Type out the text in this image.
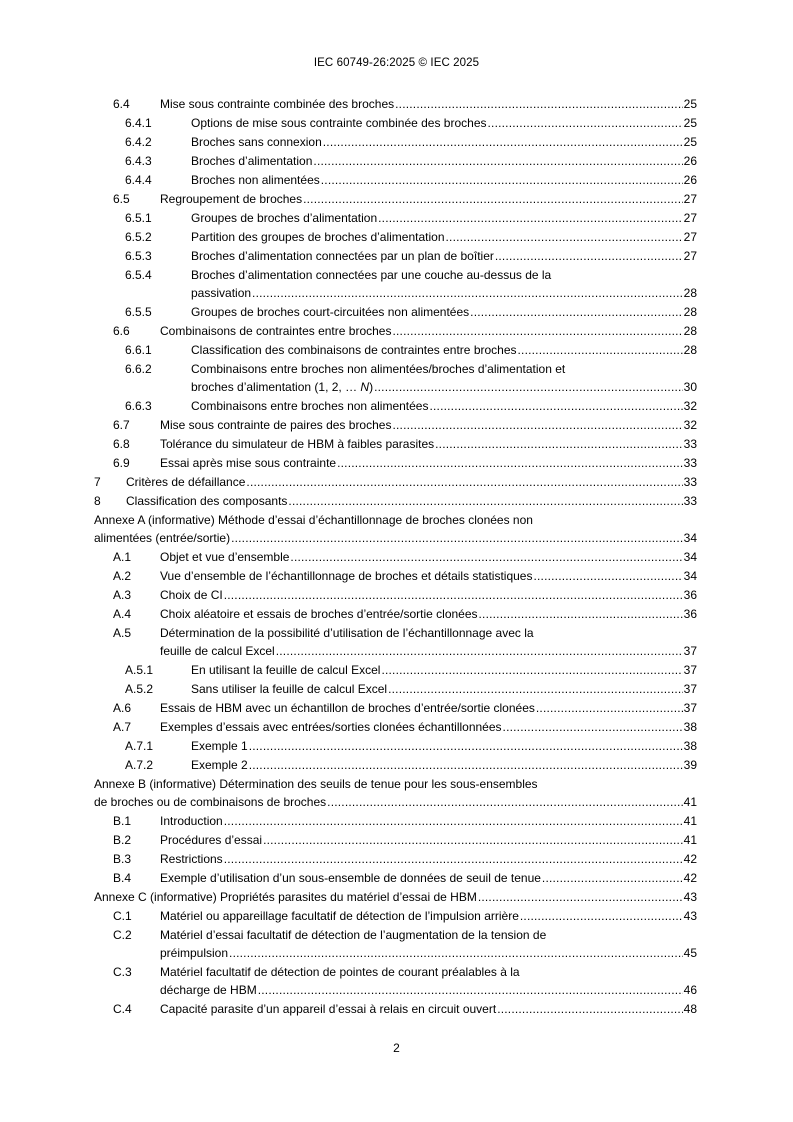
IEC 60749-26:2025 © IEC 2025
6.4	Mise sous contrainte combinée des broches .....	25
6.4.1	Options de mise sous contrainte combinée des broches .....	25
6.4.2	Broches sans connexion .....	25
6.4.3	Broches d’alimentation .....	26
6.4.4	Broches non alimentées .....	26
6.5	Regroupement de broches .....	27
6.5.1	Groupes de broches d’alimentation .....	27
6.5.2	Partition des groupes de broches d’alimentation .....	27
6.5.3	Broches d’alimentation connectées par un plan de boîtier .....	27
6.5.4	Broches d’alimentation connectées par une couche au-dessus de la
passivation .....	28
6.5.5	Groupes de broches court-circuitées non alimentées .....	28
6.6	Combinaisons de contraintes entre broches .....	28
6.6.1	Classification des combinaisons de contraintes entre broches .....	28
6.6.2	Combinaisons entre broches non alimentées/broches d’alimentation et
broches d’alimentation (1, 2, … N) .....	30
6.6.3	Combinaisons entre broches non alimentées .....	32
6.7	Mise sous contrainte de paires des broches .....	32
6.8	Tolérance du simulateur de HBM à faibles parasites .....	33
6.9	Essai après mise sous contrainte .....	33
7 Critères de défaillance .....	33
8 Classification des composants .....	33
Annexe A (informative) Méthode d’essai d’échantillonnage de broches clonées non
alimentées (entrée/sortie) .....	34
A.1 Objet et vue d’ensemble .....	34
A.2 Vue d’ensemble de l’échantillonnage de broches et détails statistiques .....	34
A.3 Choix de CI .....	36
A.4 Choix aléatoire et essais de broches d’entrée/sortie clonées .....	36
A.5 Détermination de la possibilité d’utilisation de l’échantillonnage avec la
feuille de calcul Excel .....	37
A.5.1	En utilisant la feuille de calcul Excel .....	37
A.5.2	Sans utiliser la feuille de calcul Excel .....	37
A.6 Essais de HBM avec un échantillon de broches d’entrée/sortie clonées .....	37
A.7 Exemples d’essais avec entrées/sorties clonées échantillonnées .....	38
A.7.1	Exemple 1 .....	38
A.7.2	Exemple 2 .....	39
Annexe B (informative) Détermination des seuils de tenue pour les sous-ensembles
de broches ou de combinaisons de broches .....	41
B.1 Introduction .....	41
B.2 Procédures d’essai .....	41
B.3 Restrictions .....	42
B.4 Exemple d’utilisation d’un sous-ensemble de données de seuil de tenue .....	42
Annexe C (informative) Propriétés parasites du matériel d’essai de HBM .....	43
C.1 Matériel ou appareillage facultatif de détection de l’impulsion arrière .....	43
C.2 Matériel d’essai facultatif de détection de l’augmentation de la tension de
préimpulsion .....	45
C.3 Matériel facultatif de détection de pointes de courant préalables à la
décharge de HBM .....	46
C.4 Capacité parasite d’un appareil d’essai à relais en circuit ouvert .....	48
2
